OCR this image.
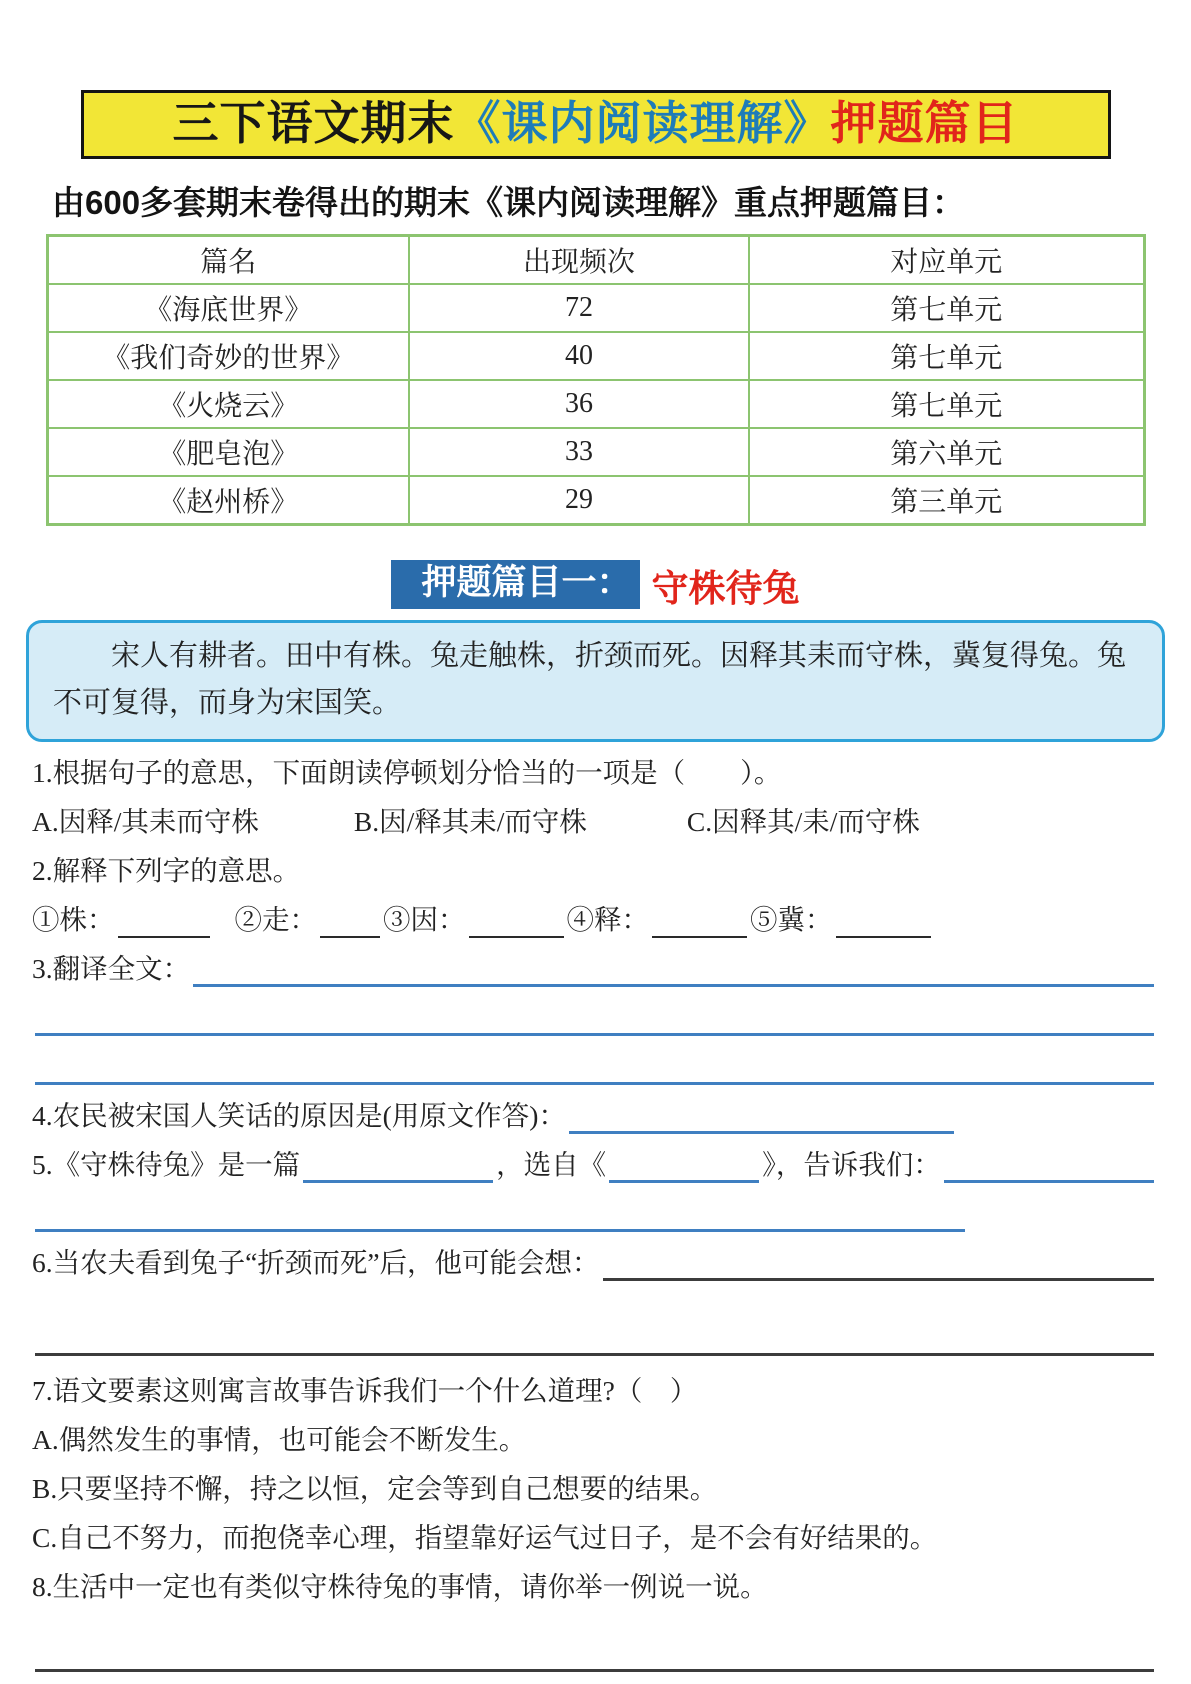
三下语文期末《课内阅读理解》押题篇目
由600多套期末卷得出的期末《课内阅读理解》重点押题篇目：
篇名	出现频次	对应单元
《海底世界》	72	第七单元
《我们奇妙的世界》	40	第七单元
《火烧云》	36	第七单元
《肥皂泡》	33	第六单元
《赵州桥》	29	第三单元
押题篇目一： 守株待兔

宋人有耕者。田中有株。兔走触株，折颈而死。因释其耒而守株，冀复得兔。兔不可复得，而身为宋国笑。

1.根据句子的意思，下面朗读停顿划分恰当的一项是（　　）。
A.因释/其耒而守株	B.因/释其耒/而守株	C.因释其/耒/而守株
2.解释下列字的意思。
①株：	②走： ③因：	④释：	⑤冀：
3.翻译全文：
4.农民被宋国人笑话的原因是(用原文作答)：
5.《守株待兔》是一篇	，选自《	》，告诉我们：
6.当农夫看到兔子“折颈而死”后，他可能会想：
7.语文要素这则寓言故事告诉我们一个什么道理?（　）
A.偶然发生的事情，也可能会不断发生。
B.只要坚持不懈，持之以恒，定会等到自己想要的结果。
C.自己不努力，而抱侥幸心理，指望靠好运气过日子，是不会有好结果的。
8.生活中一定也有类似守株待兔的事情，请你举一例说一说。
